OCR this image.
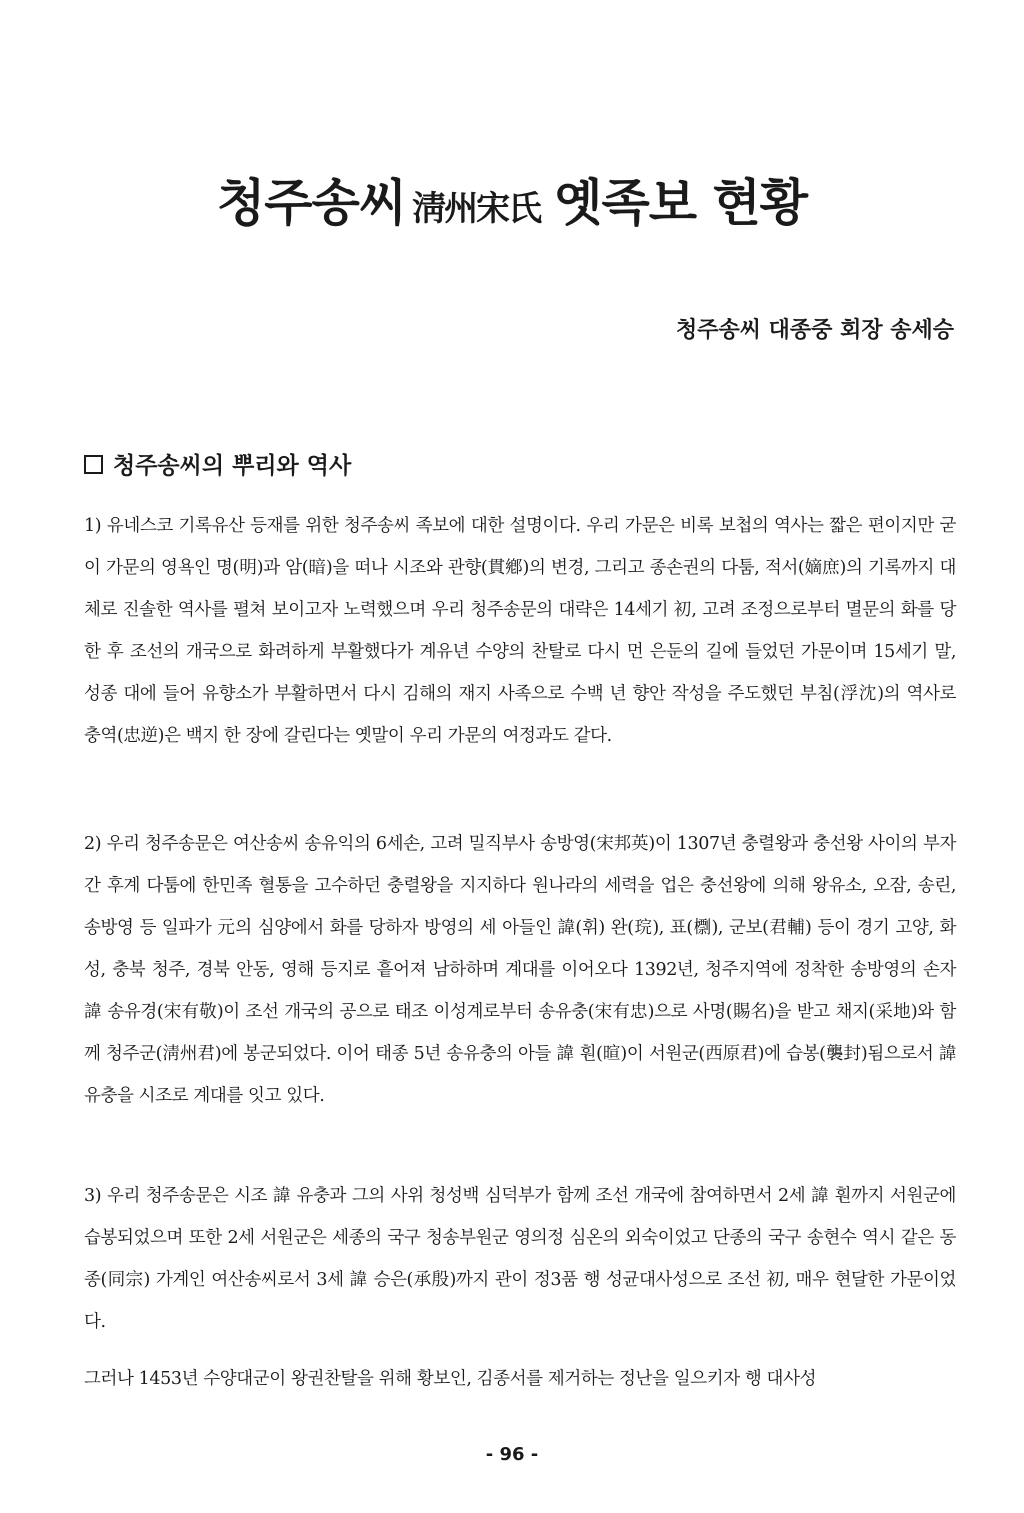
청주송씨 淸州宋氏 옛족보 현황
청주송씨 대종중 회장 송세승
청주송씨의 뿌리와 역사

1) 유네스코 기록유산 등재를 위한 청주송씨 족보에 대한 설명이다. 우리 가문은 비록 보첩의 역사는 짧은 편이지만 굳이 가문의 영욕인 명(明)과 암(暗)을 떠나 시조와 관향(貫鄕)의 변경, 그리고 종손권의 다툼, 적서(嫡庶)의 기록까지 대체로 진솔한 역사를 펼쳐 보이고자 노력했으며 우리 청주송문의 대략은 14세기 初, 고려 조정으로부터 멸문의 화를 당한 후 조선의 개국으로 화려하게 부활했다가 계유년 수양의 찬탈로 다시 먼 은둔의 길에 들었던 가문이며 15세기 말, 성종 대에 들어 유향소가 부활하면서 다시 김해의 재지 사족으로 수백 년 향안 작성을 주도했던 부침(浮沈)의 역사로 충역(忠逆)은 백지 한 장에 갈린다는 옛말이 우리 가문의 여정과도 같다.

2) 우리 청주송문은 여산송씨 송유익의 6세손, 고려 밀직부사 송방영(宋邦英)이 1307년 충렬왕과 충선왕 사이의 부자간 후계 다툼에 한민족 혈통을 고수하던 충렬왕을 지지하다 원나라의 세력을 업은 충선왕에 의해 왕유소, 오잠, 송린, 송방영 등 일파가 元의 심양에서 화를 당하자 방영의 세 아들인 諱(휘) 완(琓), 표(檦), 군보(君輔) 등이 경기 고양, 화성, 충북 청주, 경북 안동, 영해 등지로 흩어져 남하하며 계대를 이어오다 1392년, 청주지역에 정착한 송방영의 손자 諱 송유경(宋有敬)이 조선 개국의 공으로 태조 이성계로부터 송유충(宋有忠)으로 사명(賜名)을 받고 채지(采地)와 함께 청주군(淸州君)에 봉군되었다. 이어 태종 5년 송유충의 아들 諱 훤(暄)이 서원군(西原君)에 습봉(襲封)됨으로서 諱 유충을 시조로 계대를 잇고 있다.

3) 우리 청주송문은 시조 諱 유충과 그의 사위 청성백 심덕부가 함께 조선 개국에 참여하면서 2세 諱 훤까지 서원군에 습봉되었으며 또한 2세 서원군은 세종의 국구 청송부원군 영의정 심온의 외숙이었고 단종의 국구 송현수 역시 같은 동종(同宗) 가계인 여산송씨로서 3세 諱 승은(承殷)까지 관이 정3품 행 성균대사성으로 조선 初, 매우 현달한 가문이었다.

그러나 1453년 수양대군이 왕권찬탈을 위해 황보인, 김종서를 제거하는 정난을 일으키자 행 대사성

- 96 -
